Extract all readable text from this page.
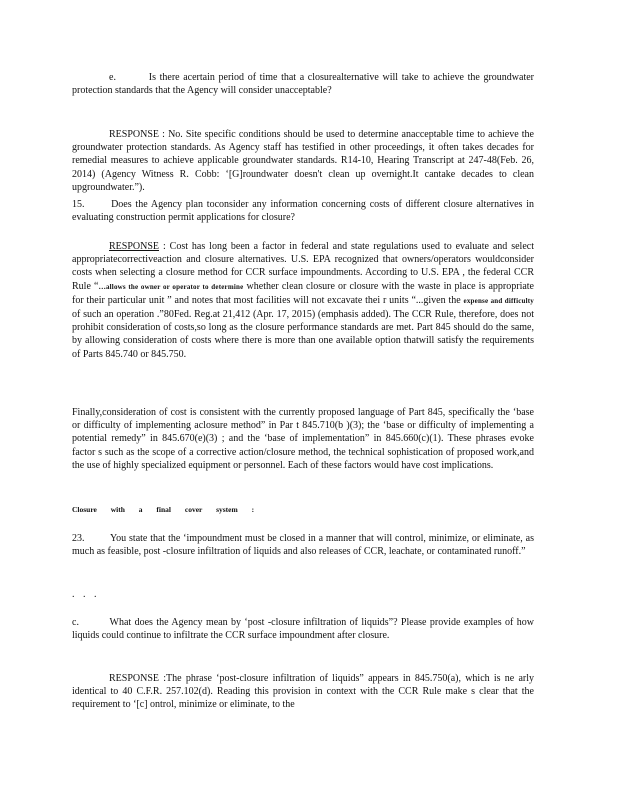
e.	Is there acertain period of time that a closurealternative will take to achieve the groundwater protection standards that the Agency will consider unacceptable?

RESPONSE : No. Site specific conditions should be used to determine anacceptable time to achieve the groundwater protection standards. As Agency staff has testified in other proceedings, it often takes decades for remedial measures to achieve applicable groundwater standards. R14-10, Hearing Transcript at 247-48(Feb. 26, 2014) (Agency Witness R. Cobb: ‘[G]roundwater doesn't clean up overnight.It cantake decades to clean upgroundwater.”).

15.	Does the Agency plan toconsider any information concerning costs of different closure alternatives in evaluating construction permit applications for closure?

RESPONSE : Cost has long been a factor in federal and state regulations used to evaluate and select appropriatecorrectiveaction and closure alternatives. U.S. EPA recognized that owners/operators wouldconsider costs when selecting a closure method for CCR surface impoundments. According to U.S. EPA , the federal CCR Rule “...allows the owner or operator to determine whether clean closure or closure with the waste in place is appropriate for their particular unit ” and notes that most facilities will not excavate thei r units “...given the expense and difficulty of such an operation .”80Fed. Reg.at 21,412 (Apr. 17, 2015) (emphasis added). The CCR Rule, therefore, does not prohibit consideration of costs,so long as the closure performance standards are met. Part 845 should do the same, by allowing consideration of costs where there is more than one available option thatwill satisfy the requirements of Parts 845.740 or 845.750.

Finally,consideration of cost is consistent with the currently proposed language of Part 845, specifically the ‘base or difficulty of implementing aclosure method” in Par t 845.710(b )(3); the ‘base or difficulty of implementing a potential remedy” in 845.670(e)(3) ; and the ‘base of implementation” in 845.660(c)(1). These phrases evoke factor s such as the scope of a corrective action/closure method, the technical sophistication of proposed work,and the use of highly specialized equipment or personnel. Each of these factors would have cost implications.

Closure with a final cover system :

23.	You state that the ‘impoundment must be closed in a manner that will control, minimize, or eliminate, as much as feasible, post -closure infiltration of liquids and also releases of CCR, leachate, or contaminated runoff.”

. . .

c.	What does the Agency mean by ‘post -closure infiltration of liquids”? Please provide examples of how liquids could continue to infiltrate the CCR surface impoundment after closure.

RESPONSE :The phrase ‘post-closure infiltration of liquids” appears in 845.750(a), which is ne arly identical to 40 C.F.R. 257.102(d). Reading this provision in context with the CCR Rule make s clear that the requirement to ‘[c] ontrol, minimize or eliminate, to the
